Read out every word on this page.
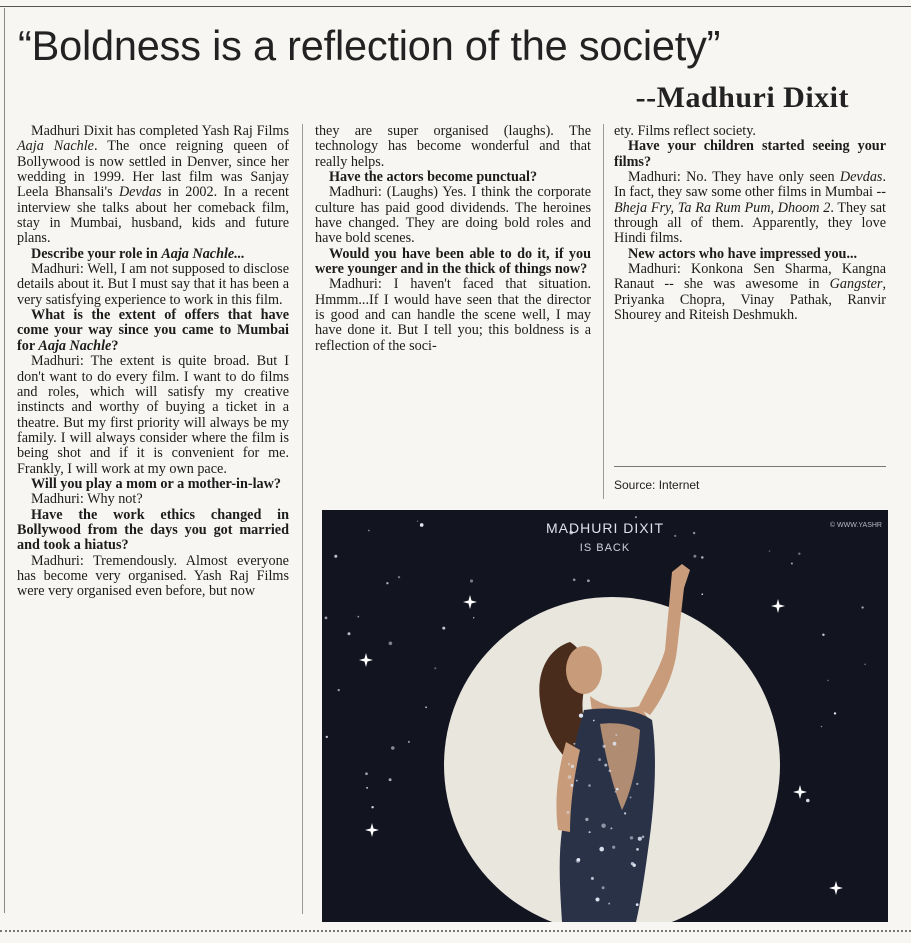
“Boldness is a reflection of the society”
--Madhuri Dixit

Madhuri Dixit has completed Yash Raj Films Aaja Nachle. The once reigning queen of Bollywood is now settled in Denver, since her wedding in 1999. Her last film was Sanjay Leela Bhansali's Devdas in 2002. In a recent interview she talks about her comeback film, stay in Mumbai, husband, kids and future plans.

Describe your role in Aaja Nachle...

Madhuri: Well, I am not supposed to disclose details about it. But I must say that it has been a very satisfying experience to work in this film.

What is the extent of offers that have come your way since you came to Mumbai for Aaja Nachle?

Madhuri: The extent is quite broad. But I don't want to do every film. I want to do films and roles, which will satisfy my creative instincts and worthy of buying a ticket in a theatre. But my first priority will always be my family. I will always consider where the film is being shot and if it is convenient for me. Frankly, I will work at my own pace.

Will you play a mom or a mother-in-law?

Madhuri: Why not?

Have the work ethics changed in Bollywood from the days you got married and took a hiatus?

Madhuri: Tremendously. Almost everyone has become very organised. Yash Raj Films were very organised even before, but now

they are super organised (laughs). The technology has become wonderful and that really helps.

Have the actors become punctual?

Madhuri: (Laughs) Yes. I think the corporate culture has paid good dividends. The heroines have changed. They are doing bold roles and have bold scenes.

Would you have been able to do it, if you were younger and in the thick of things now?

Madhuri: I haven't faced that situation. Hmmm...If I would have seen that the director is good and can handle the scene well, I may have done it. But I tell you; this boldness is a reflection of the soci-

ety. Films reflect society.

Have your children started seeing your films?

Madhuri: No. They have only seen Devdas. In fact, they saw some other films in Mumbai -- Bheja Fry, Ta Ra Rum Pum, Dhoom 2. They sat through all of them. Apparently, they love Hindi films.

New actors who have impressed you...

Madhuri: Konkona Sen Sharma, Kangna Ranaut -- she was awesome in Gangster, Priyanka Chopra, Vinay Pathak, Ranvir Shourey and Riteish Deshmukh.

Source: Internet
MADHURI DIXIT
IS BACK
© WWW.YASHR
